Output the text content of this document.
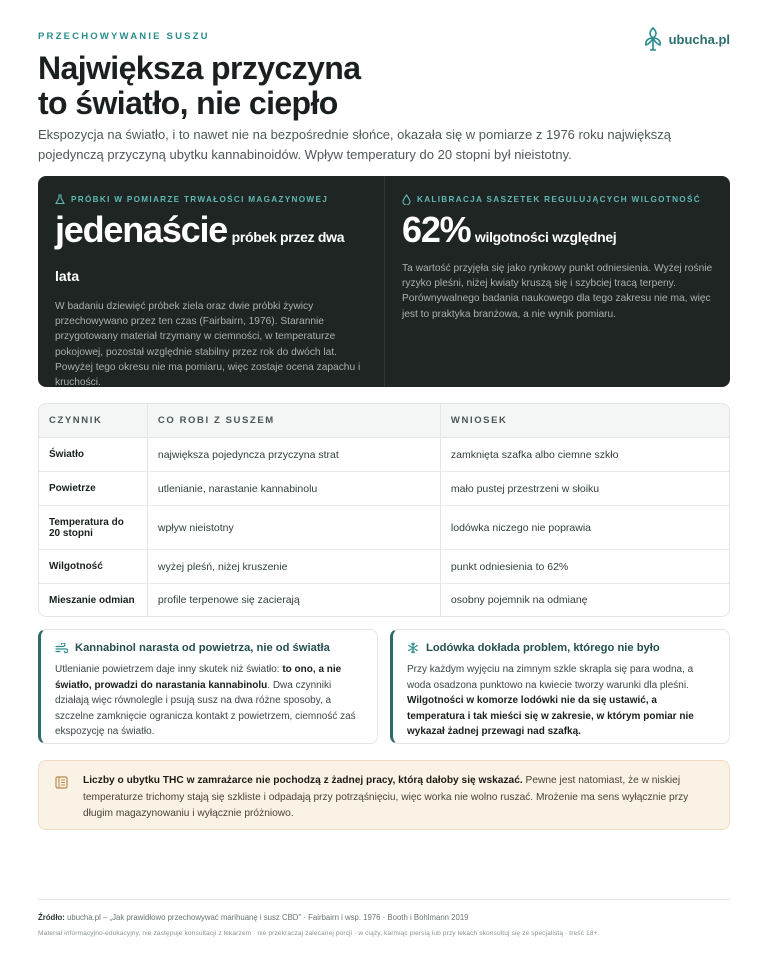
PRZECHOWYWANIE SUSZU	ubucha.pl
Największa przyczyna
to światło, nie ciepło

Ekspozycja na światło, i to nawet nie na bezpośrednie słońce, okazała się w pomiarze z 1976 roku największą pojedynczą przyczyną ubytku kannabinoidów. Wpływ temperatury do 20 stopni był nieistotny.

PRÓBKI W POMIARZE TRWAŁOŚCI MAGAZYNOWEJ
jedenaście próbek przez dwa
lata

W badaniu dziewięć próbek ziela oraz dwie próbki żywicy przechowywano przez ten czas (Fairbairn, 1976). Starannie przygotowany materiał trzymany w ciemności, w temperaturze pokojowej, pozostał względnie stabilny przez rok do dwóch lat. Powyżej tego okresu nie ma pomiaru, więc zostaje ocena zapachu i kruchości.

KALIBRACJA SASZETEK REGULUJĄCYCH WILGOTNOŚĆ
62% wilgotności względnej

Ta wartość przyjęła się jako rynkowy punkt odniesienia. Wyżej rośnie ryzyko pleśni, niżej kwiaty kruszą się i szybciej tracą terpeny. Porównywalnego badania naukowego dla tego zakresu nie ma, więc jest to praktyka branżowa, a nie wynik pomiaru.

CZYNNIK	CO ROBI Z SUSZEM	WNIOSEK
Światło	największa pojedyncza przyczyna strat	zamknięta szafka albo ciemne szkło
Powietrze	utlenianie, narastanie kannabinolu	mało pustej przestrzeni w słoiku
Temperatura do 20 stopni	wpływ nieistotny	lodówka niczego nie poprawia
Wilgotność	wyżej pleśń, niżej kruszenie	punkt odniesienia to 62%
Mieszanie odmian	profile terpenowe się zacierają	osobny pojemnik na odmianę
Kannabinol narasta od powietrza, nie od światła

Utlenianie powietrzem daje inny skutek niż światło: to ono, a nie światło, prowadzi do narastania kannabinolu. Dwa czynniki działają więc równolegle i psują susz na dwa różne sposoby, a szczelne zamknięcie ogranicza kontakt z powietrzem, ciemność zaś ekspozycję na światło.

Lodówka dokłada problem, którego nie było

Przy każdym wyjęciu na zimnym szkle skrapla się para wodna, a woda osadzona punktowo na kwiecie tworzy warunki dla pleśni. Wilgotności w komorze lodówki nie da się ustawić, a temperatura i tak mieści się w zakresie, w którym pomiar nie wykazał żadnej przewagi nad szafką.

Liczby o ubytku THC w zamrażarce nie pochodzą z żadnej pracy, którą dałoby się wskazać. Pewne jest natomiast, że w niskiej temperaturze trichomy stają się szkliste i odpadają przy potrząśnięciu, więc worka nie wolno ruszać. Mrożenie ma sens wyłącznie przy długim magazynowaniu i wyłącznie próżniowo.
Źródło: ubucha.pl – „Jak prawidłowo przechowywać marihuanę i susz CBD" · Fairbairn i wsp. 1976 · Booth i Bohlmann 2019
Materiał informacyjno-edukacyjny, nie zastępuje konsultacji z lekarzem · nie przekraczaj zalecanej porcji · w ciąży, karmiąc piersią lub przy lekach skonsultuj się ze specjalistą · treść 18+.
